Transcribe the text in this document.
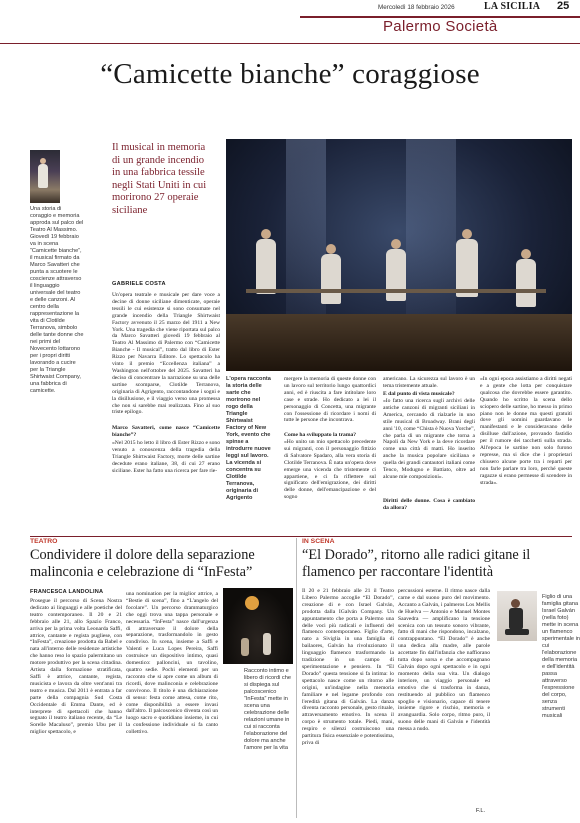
Mercoledì 18 febbraio 2026	LA SICILIA 25
Palermo Società
“Camicette bianche” coraggiose
Una storia di coraggio e memoria approda sul palco del Teatro Al Massimo. Giovedì 19 febbraio va in scena “Camicette bianche”, il musical firmato da Marco Savatteri che punta a scuotere le coscienze attraverso il linguaggio universale del teatro e delle canzoni. Al centro della rappresentazione la vita di Clotilde Terranova, simbolo delle tante donne che nei primi del Novecento lottarono per i propri diritti lavorando a cucire per la Triangle Shirtwaist Company, una fabbrica di camicette.
Il musical in memoria di un grande incendio in una fabbrica tessile negli Stati Uniti in cui morirono 27 operaie siciliane
GABRIELE COSTA
Un'opera teatrale e musicale per dare voce a decine di donne siciliane dimenticate, operaie tessili le cui esistenze si sono consumate nel grande incendio della Triangle Shirtwaist Factory avvenuto il 25 marzo del 1911 a New York. Una tragedia che viene riportata sul palco da Marco Savatteri giovedì 19 febbraio al Teatro Al Massimo di Palermo con “Camicette Bianche - Il musical”, tratto dal libro di Ester Rizzo per Navarra Editore. Lo spettacolo ha vinto il premio “Eccellenza italiana” a Washington nell'ottobre del 2025. Savatteri ha deciso di concentrare la narrazione su una delle sartine scomparse, Clotilde Terranova, originaria di Agrigento, raccontandone i sogni e la disillusione, e il viaggio verso una promessa che non si sarebbe mai realizzata. Fino al suo triste epilogo.
Marco Savatteri, come nasce “Camicette bianche”?
«Nel 2015 ho letto il libro di Ester Rizzo e sono venuto a conoscenza della tragedia della Triangle Shirtwaist Factory, morte delle sartine decedute erano italiane, 38, di cui 27 erano siciliane. Ester ha fatto una ricerca per fare rie-
L'opera racconta la storia delle sarte che morirono nel rogo della Triangle Shirtwaist Factory of New York, evento che spinse a introdurre nuove leggi sul lavoro. La vicenda si concentra su Clotilde Terranova, originaria di Agrigento
mergere la memoria di queste donne con un lavoro sul territorio lungo quattordici anni, ed è riuscita a fare intitolare loro case e strade. Ho dedicato a lei il personaggio di Concetta, una migrante con l'ossessione di ricordare i nomi di tutte le persone che incontrava.
Come ha sviluppato la trama?
«Ho unito un mio spettacolo precedente sui migranti, con il personaggio fittizio di Salvatore Spadaro, alla vera storia di Clotilde Terranova. È nata un'opera dove emerge una vicenda che tristemente ci appartiene, e ci fa riflettere sul significato dell'emigrazione, dei diritti delle donne, dell'emancipazione e del sogno
americano. La sicurezza sul lavoro è un tema tristemente attuale.
E dal punto di vista musicale?
«Io fatto una ricerca sugli archivi delle antiche canzoni di migranti siciliani in America, cercando di rialzarle in uno stile musical di Broadway. Brani degli anni '10, come “Chista è Nuova Yorche”, che parla di un migrante che torna a Napoli da New York e la deve ricordare come una città di matti. Ho inserito anche la musica popolare siciliana e quella dei grandi cantautori italiani come Tenco, Modugno e Battiato, oltre ad alcune mie composizioni».
Diritti delle donne. Cosa è cambiato da allora?
«In ogni epoca assistiamo a diritti negati e a gente che lotta per conquistare qualcosa che dovrebbe essere garantito. Quando ho scritto la scena dello sciopero delle sartine, ho messo in primo piano non le donne ma questi gratuiti dove gli uomini guardavano le manifestanti e le consideravano delle disilluse dall'azione, provando fastidio per il rumore dei tacchetti sulla strada. All'epoca le sartine non solo furono represse, ma si dice che i proprietari chiusero alcune porte tra i reparti per non farle parlare tra loro, perché queste ragazze si erano permesse di scendere in strada».
TEATRO
Condividere il dolore della separazione malinconia e celebrazione di “InFesta”
FRANCESCA LANDOLINA
Prosegue il percorso di Scena Nostra dedicato ai linguaggi e alle poetiche del teatro contemporaneo. Il 20 e 21 febbraio alle 21, allo Spazio Franco, arriva per la prima volta Leonarda Saffi, attrice, cantante e regista pugliese, con “InFesta”, creazione prodotta da Babel e nata all'interno delle residenze artistiche che hanno reso lo spazio palermitano un motore produttivo per la scena cittadina. Artista dalla formazione stratificata, Saffi è attrice, cantante, regista, musicista e lavora da oltre vent'anni tra teatro e musica. Dal 2011 è entrata a far parte della compagnia Sud Costa Occidentale di Emma Dante, ed è interprete di spettacoli che hanno segnato il teatro italiano recente, da “Le Sorelle Macaluso”, premio Ubu per il miglior spettacolo, e
una nomination per la miglior attrice, a “Bestie di scena”, fino a “L'angelo del focolare”. Un percorso drammaturgico che oggi trova una tappa personale e necessaria. “InFesta” nasce dall'urgenza di attraversare il dolore della separazione, trasformandolo in gesto condiviso. In scena, insieme a Saffi e Valenti e Luca Lopes Pereira, Saffi costruisce un dispositivo intimo, quasi domestico: palloncini, un tavolino, quattro sedie. Pochi elementi per un racconto che si apre come un album di ricordi, dove malinconia e celebrazione convivono. Il titolo è una dichiarazione di senso: festa come attesa, come rito, come disponibilità a essere invasi dall'altro. Il palcoscenico diventa così un luogo sacro e quotidiano insieme, in cui la confessione individuale si fa canto collettivo.
Racconto intimo e libero di ricordi che si dispiega sul palcoscenico “InFesta” mette in scena una celebrazione delle relazioni umane in cui si racconta l'elaborazione del dolore ma anche l'amore per la vita
IN SCENA
“El Dorado”, ritorno alle radici gitane il flamenco per raccontare l'identità
Il 20 e 21 febbraio alle 21 il Teatro Libero Palermo accoglie “El Dorado”, creazione di e con Israel Galván, prodotta dalla IGalván Company. Un appuntamento che porta a Palermo una delle voci più radicali e influenti del flamenco contemporaneo. Figlio d'arte, nato a Siviglia in una famiglia di bailaores, Galván ha rivoluzionato il linguaggio flamenco trasformando la tradizione in un campo di sperimentazione e pensiero. In “El Dorado” questa tensione si fa intima: lo spettacolo nasce come un ritorno alle origini, un'indagine nella memoria familiare e nel legame profondo con l'eredità gitana di Galván. La danza diventa racconto personale, gesto rituale, attraversamento emotivo. In scena il corpo è strumento totale. Piedi, mani, respiro e silenzi costruiscono una partitura fisica essenziale e potentissima, priva di
percussioni esterne. Il ritmo nasce dalla carne e dal suono puro del movimento. Accanto a Galván, i palmeros Los Mellis de Huelva — Antonio e Manuel Montes Saavedra — amplificano la tensione scenica con un tessuto sonoro vibrante, fatto di mani che rispondono, incalzano, contrappuntano. “El Dorado” è anche una dedica alla madre, alle parole accettate fin dall'infanzia che naffiorano tutta dopo sorsa e che accompagnano Galván dopo ogni spettacolo e in ogni momento della sua vita. Un dialogo interiore, un viaggio personale ed emotivo che si trasforma in danza, restituendo al pubblico un flamenco spoglio e visionario, capace di tenere insieme rigore e rischio, memoria e avanguardia. Solo corpo, ritmo puro, il suono delle mani di Galván e l'identità messa a nudo.
F.L.
Figlio di una famiglia gitana Israel Galván (nella foto) mette in scena un flamenco sperimentale in cui l'elaborazione della memoria e dell'identità passa attraverso l'espressione del corpo, senza strumenti musicali
